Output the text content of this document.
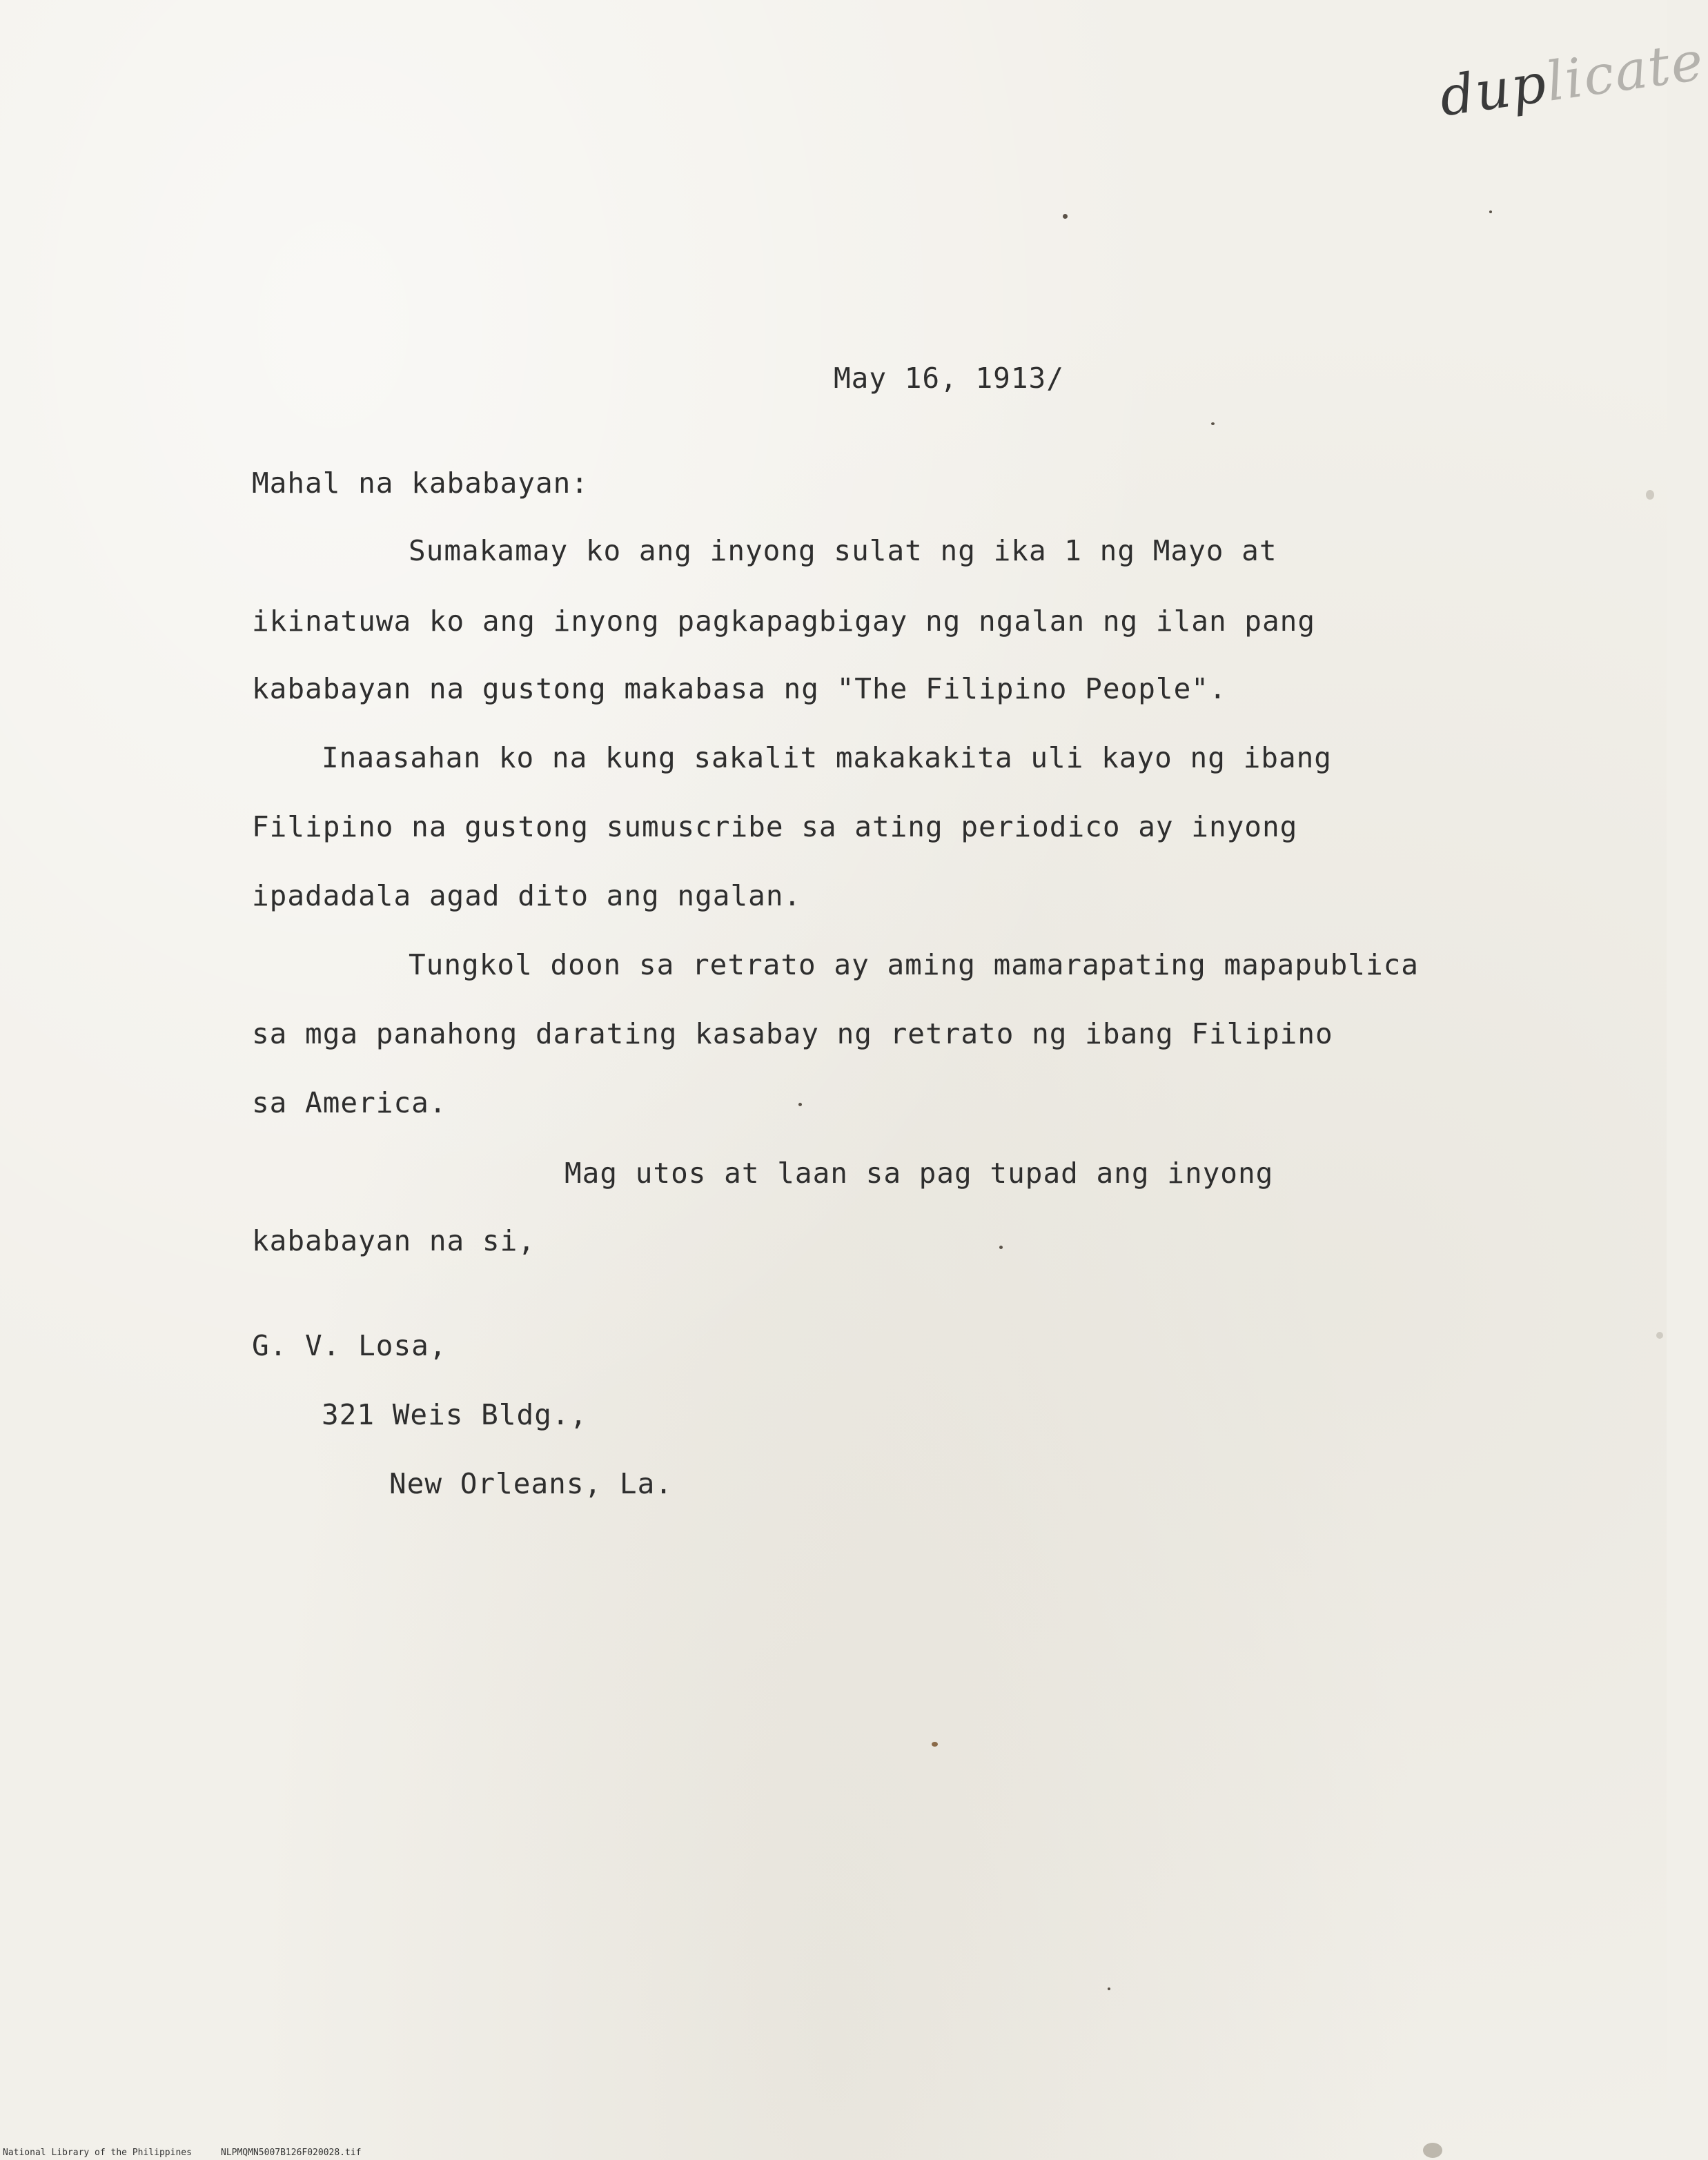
duplicate
May 16, 1913/
Mahal na kababayan:
Sumakamay ko ang inyong sulat ng ika 1 ng Mayo at
ikinatuwa ko ang inyong pagkapagbigay ng ngalan ng ilan pang
kababayan na gustong makabasa ng "The Filipino People".
Inaasahan ko na kung sakalit makakakita uli kayo ng ibang
Filipino na gustong sumuscribe sa ating periodico ay inyong
ipadadala agad dito ang ngalan.
Tungkol doon sa retrato ay aming mamarapating mapapublica
sa mga panahong darating kasabay ng retrato ng ibang Filipino
sa America.
Mag utos at laan sa pag tupad ang inyong
kababayan na si,
G. V. Losa,
321 Weis Bldg.,
New Orleans, La.
National Library of the Philippines	NLPMQMN5007B126F020028.tif
